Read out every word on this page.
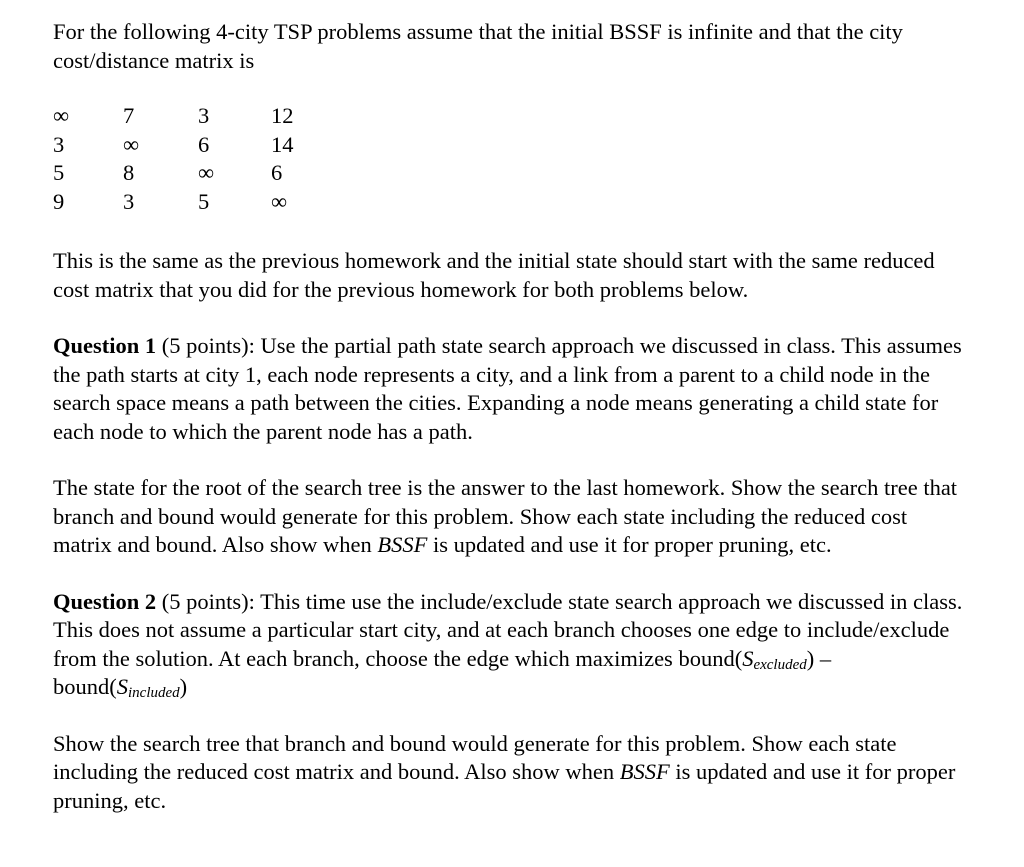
For the following 4-city TSP problems assume that the initial BSSF is infinite and that the city cost/distance matrix is

∞ 7	3	12
3	∞	6	14
5	8	∞	6
9	3	5	∞

This is the same as the previous homework and the initial state should start with the same reduced cost matrix that you did for the previous homework for both problems below.

Question 1 (5 points): Use the partial path state search approach we discussed in class. This assumes the path starts at city 1, each node represents a city, and a link from a parent to a child node in the search space means a path between the cities. Expanding a node means generating a child state for each node to which the parent node has a path.

The state for the root of the search tree is the answer to the last homework. Show the search tree that branch and bound would generate for this problem. Show each state including the reduced cost matrix and bound. Also show when BSSF is updated and use it for proper pruning, etc.

Question 2 (5 points): This time use the include/exclude state search approach we discussed in class. This does not assume a particular start city, and at each branch chooses one edge to include/exclude from the solution. At each branch, choose the edge which maximizes $bound(S_{excluded})$ – $bound(S_{included})$

Show the search tree that branch and bound would generate for this problem. Show each state including the reduced cost matrix and bound. Also show when BSSF is updated and use it for proper pruning, etc.
